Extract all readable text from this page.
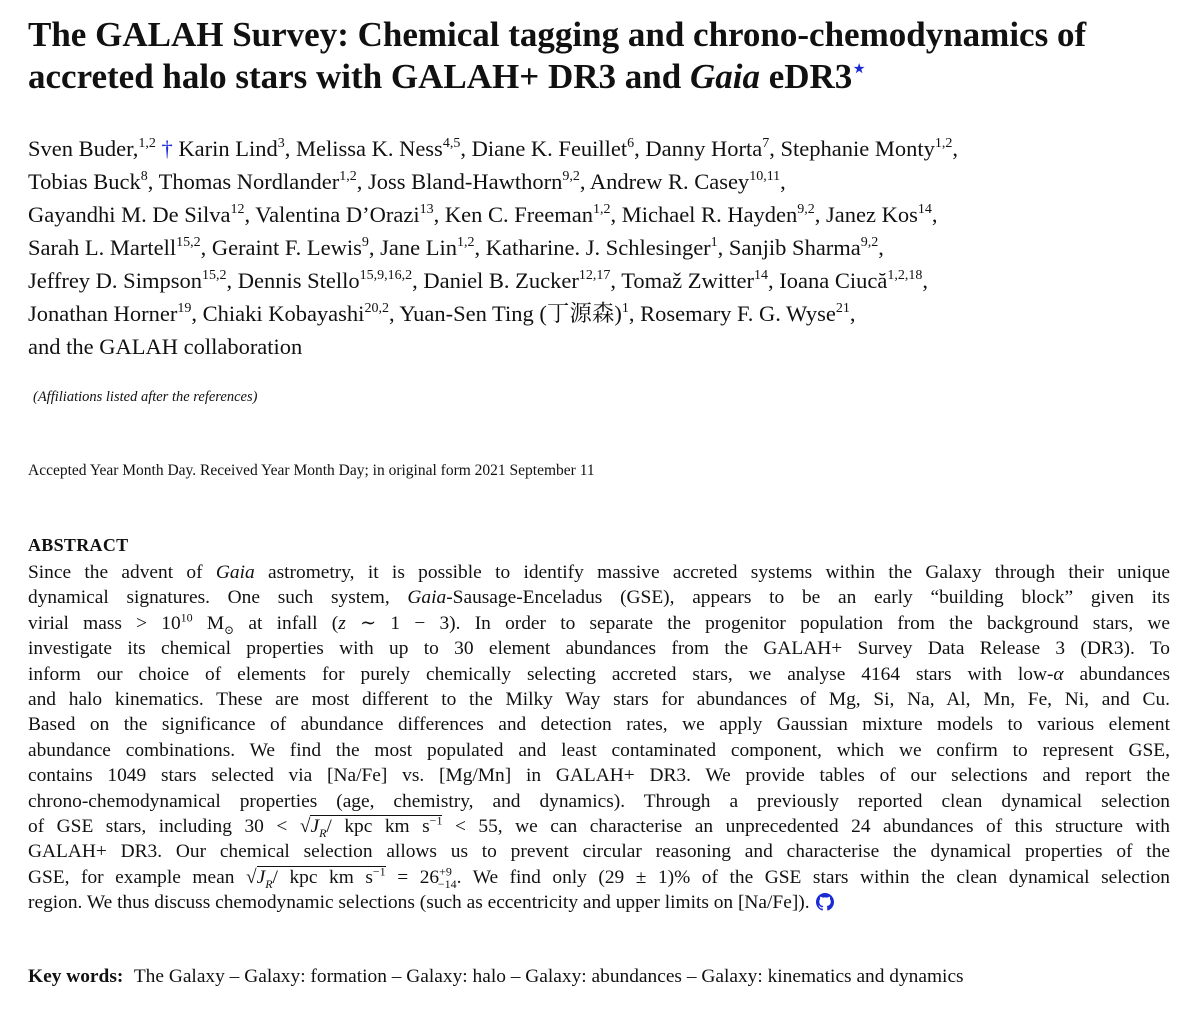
The GALAH Survey: Chemical tagging and chrono-chemodynamics of
accreted halo stars with GALAH+ DR3 and Gaia eDR3⋆
Sven Buder,$^{1,2}$ † Karin Lind$^3$, Melissa K. Ness$^{4,5}$, Diane K. Feuillet$^6$, Danny Horta$^7$, Stephanie Monty$^{1,2}$,
Tobias Buck$^8$, Thomas Nordlander$^{1,2}$, Joss Bland-Hawthorn$^{9,2}$, Andrew R. Casey$^{10,11}$,
Gayandhi M. De Silva$^{12}$, Valentina D’Orazi$^{13}$, Ken C. Freeman$^{1,2}$, Michael R. Hayden$^{9,2}$, Janez Kos$^{14}$,
Sarah L. Martell$^{15,2}$, Geraint F. Lewis$^9$, Jane Lin$^{1,2}$, Katharine. J. Schlesinger$^1$, Sanjib Sharma$^{9,2}$,
Jeffrey D. Simpson$^{15,2}$, Dennis Stello$^{15,9,16,2}$, Daniel B. Zucker$^{12,17}$, Tomaž Zwitter$^{14}$, Ioana Ciucă$^{1,2,18}$,
Jonathan Horner$^{19}$, Chiaki Kobayashi$^{20,2}$, Yuan-Sen Ting (丁源森)$^1$, Rosemary F. G. Wyse$^{21}$,
and the GALAH collaboration
(Affiliations listed after the references)
Accepted Year Month Day. Received Year Month Day; in original form 2021 September 11
ABSTRACT
Since the advent of Gaia astrometry, it is possible to identify massive accreted systems within the Galaxy through their unique
dynamical signatures. One such system, Gaia-Sausage-Enceladus (GSE), appears to be an early “building block” given its
virial mass > $10^{10}$ $M_⊙$ at infall (z ∼ 1 − 3). In order to separate the progenitor population from the background stars, we
investigate its chemical properties with up to 30 element abundances from the GALAH+ Survey Data Release 3 (DR3). To
inform our choice of elements for purely chemically selecting accreted stars, we analyse 4164 stars with low-α abundances
and halo kinematics. These are most different to the Milky Way stars for abundances of Mg, Si, Na, Al, Mn, Fe, Ni, and Cu.
Based on the significance of abundance differences and detection rates, we apply Gaussian mixture models to various element
abundance combinations. We find the most populated and least contaminated component, which we confirm to represent GSE,
contains 1049 stars selected via [Na/Fe] vs. [Mg/Mn] in GALAH+ DR3. We provide tables of our selections and report the
chrono-chemodynamical properties (age, chemistry, and dynamics). Through a previously reported clean dynamical selection
of GSE stars, including $30 < √J_R/$ kpc km $s^{-1} < 55$, we can characterise an unprecedented 24 abundances of this structure with
GALAH+ DR3. Our chemical selection allows us to prevent circular reasoning and characterise the dynamical properties of the
GSE, for example mean $√J_R/$ kpc km $s^{-1} = 26^{+9}_{-14}$. We find only (29 ± 1)% of the GSE stars within the clean dynamical selection
region. We thus discuss chemodynamic selections (such as eccentricity and upper limits on [Na/Fe]).
Key words: The Galaxy – Galaxy: formation – Galaxy: halo – Galaxy: abundances – Galaxy: kinematics and dynamics
